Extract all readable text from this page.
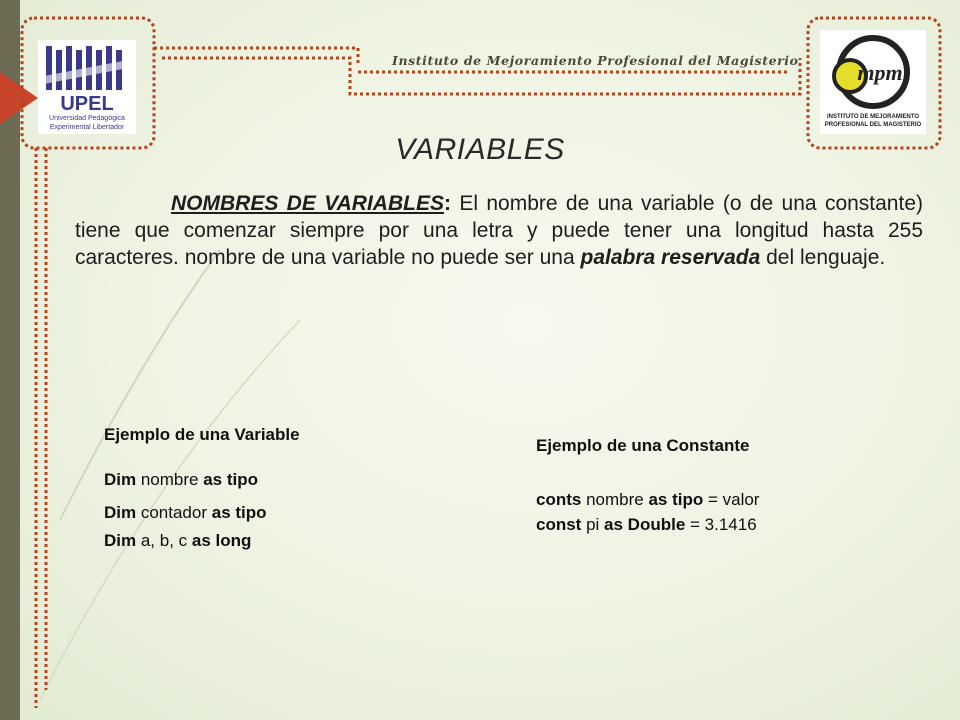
UPEL
Universidad Pedagógica
Experimental Libertador
mpm
INSTITUTO DE MEJORAMIENTO
PROFESIONAL DEL MAGISTERIO
Instituto de Mejoramiento Profesional del Magisterio
VARIABLES
NOMBRES DE VARIABLES: El nombre de una variable (o de una constante) tiene que comenzar siempre por una letra y puede tener una longitud hasta 255 caracteres. nombre de una variable no puede ser una palabra reservada del lenguaje.
Ejemplo de una Variable
Dim nombre as tipo
Dim contador as tipo
Dim a, b, c as long
Ejemplo de una Constante
conts nombre as tipo = valor
const pi as Double = 3.1416
